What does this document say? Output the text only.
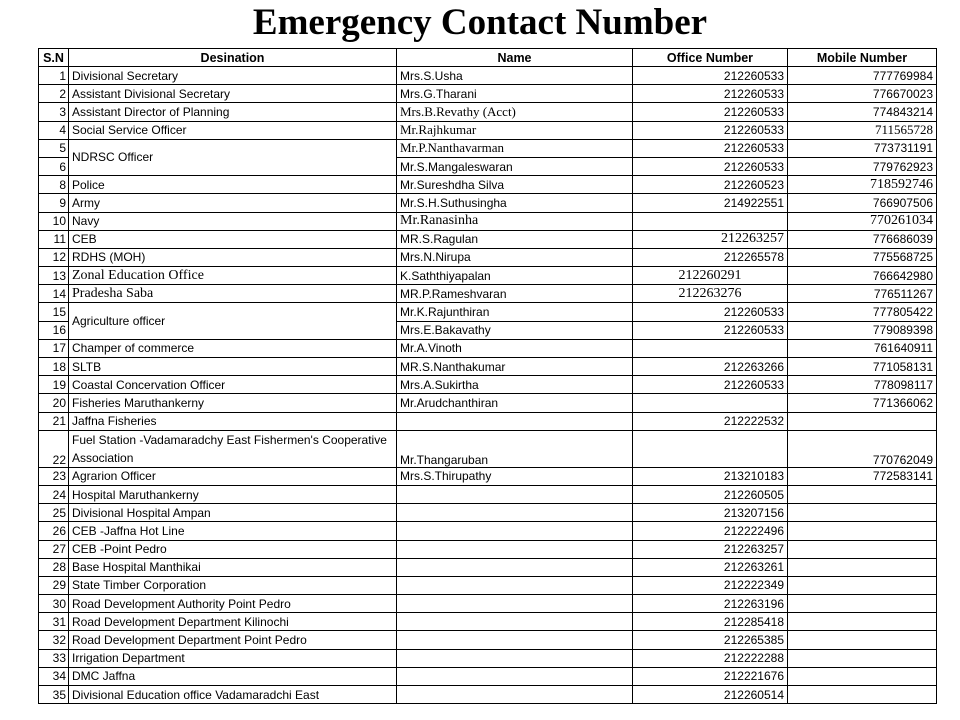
Emergency Contact Number
S.N	Desination	Name	Office Number	Mobile Number
1	Divisional Secretary	Mrs.S.Usha	212260533	777769984
2	Assistant Divisional Secretary	Mrs.G.Tharani	212260533	776670023
3	Assistant Director of Planning	Mrs.B.Revathy (Acct)	212260533	774843214
4	Social Service Officer	Mr.Rajhkumar	212260533	711565728
5	NDRSC Officer	Mr.P.Nanthavarman	212260533	773731191
6		Mr.S.Mangaleswaran	212260533	779762923
8	Police	Mr.Sureshdha Silva	212260523	718592746
9	Army	Mr.S.H.Suthusingha	214922551	766907506
10	Navy	Mr.Ranasinha		770261034
11	CEB	MR.S.Ragulan	212263257	776686039
12	RDHS (MOH)	Mrs.N.Nirupa	212265578	775568725
13	Zonal Education Office	K.Saththiyapalan	212260291	766642980
14	Pradesha Saba	MR.P.Rameshvaran	212263276	776511267
15	Agriculture officer	Mr.K.Rajunthiran	212260533	777805422
16		Mrs.E.Bakavathy	212260533	779089398
17	Champer of commerce	Mr.A.Vinoth		761640911
18	SLTB	MR.S.Nanthakumar	212263266	771058131
19	Coastal Concervation Officer	Mrs.A.Sukirtha	212260533	778098117
20	Fisheries Maruthankerny	Mr.Arudchanthiran		771366062
21	Jaffna Fisheries		212222532	
22	Fuel Station -Vadamaradchy East Fishermen's Cooperative Association	Mr.Thangaruban		770762049
23	Agrarion Officer	Mrs.S.Thirupathy	213210183	772583141
24	Hospital Maruthankerny		212260505	
25	Divisional Hospital Ampan		213207156	
26	CEB -Jaffna Hot Line		212222496	
27	CEB -Point Pedro		212263257	
28	Base Hospital Manthikai		212263261	
29	State Timber Corporation		212222349	
30	Road Development Authority Point Pedro		212263196	
31	Road Development Department Kilinochi		212285418	
32	Road Development Department Point Pedro		212265385	
33	Irrigation Department		212222288	
34	DMC Jaffna		212221676	
35	Divisional Education office Vadamaradchi East		212260514	
